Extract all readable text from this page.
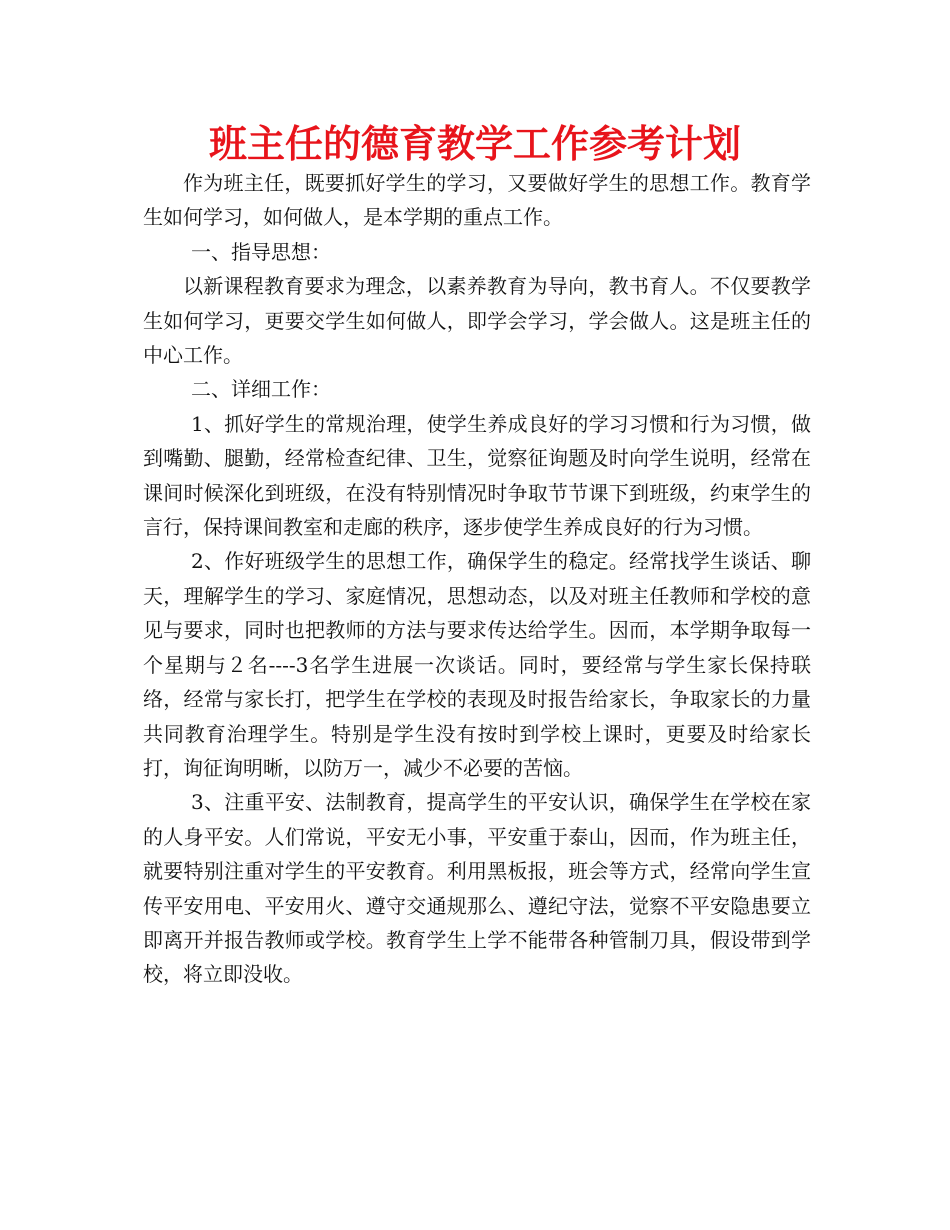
班主任的德育教学工作参考计划

作为班主任，既要抓好学生的学习，又要做好学生的思想工作。教育学生如何学习，如何做人，是本学期的重点工作。

一、指导思想：

以新课程教育要求为理念，以素养教育为导向，教书育人。不仅要教学生如何学习，更要交学生如何做人，即学会学习，学会做人。这是班主任的中心工作。

二、详细工作：

1、抓好学生的常规治理，使学生养成良好的学习习惯和行为习惯，做到嘴勤、腿勤，经常检查纪律、卫生，觉察征询题及时向学生说明，经常在课间时候深化到班级，在没有特别情况时争取节节课下到班级，约束学生的言行，保持课间教室和走廊的秩序，逐步使学生养成良好的行为习惯。

2、作好班级学生的思想工作，确保学生的稳定。经常找学生谈话、聊天，理解学生的学习、家庭情况，思想动态，以及对班主任教师和学校的意见与要求，同时也把教师的方法与要求传达给学生。因而，本学期争取每一个星期与２名----3名学生进展一次谈话。同时，要经常与学生家长保持联络，经常与家长打，把学生在学校的表现及时报告给家长，争取家长的力量共同教育治理学生。特别是学生没有按时到学校上课时，更要及时给家长打，询征询明晰，以防万一，减少不必要的苦恼。

3、注重平安、法制教育，提高学生的平安认识，确保学生在学校在家的人身平安。人们常说，平安无小事，平安重于泰山，因而，作为班主任，就要特别注重对学生的平安教育。利用黑板报，班会等方式，经常向学生宣传平安用电、平安用火、遵守交通规那么、遵纪守法，觉察不平安隐患要立即离开并报告教师或学校。教育学生上学不能带各种管制刀具，假设带到学校，将立即没收。
